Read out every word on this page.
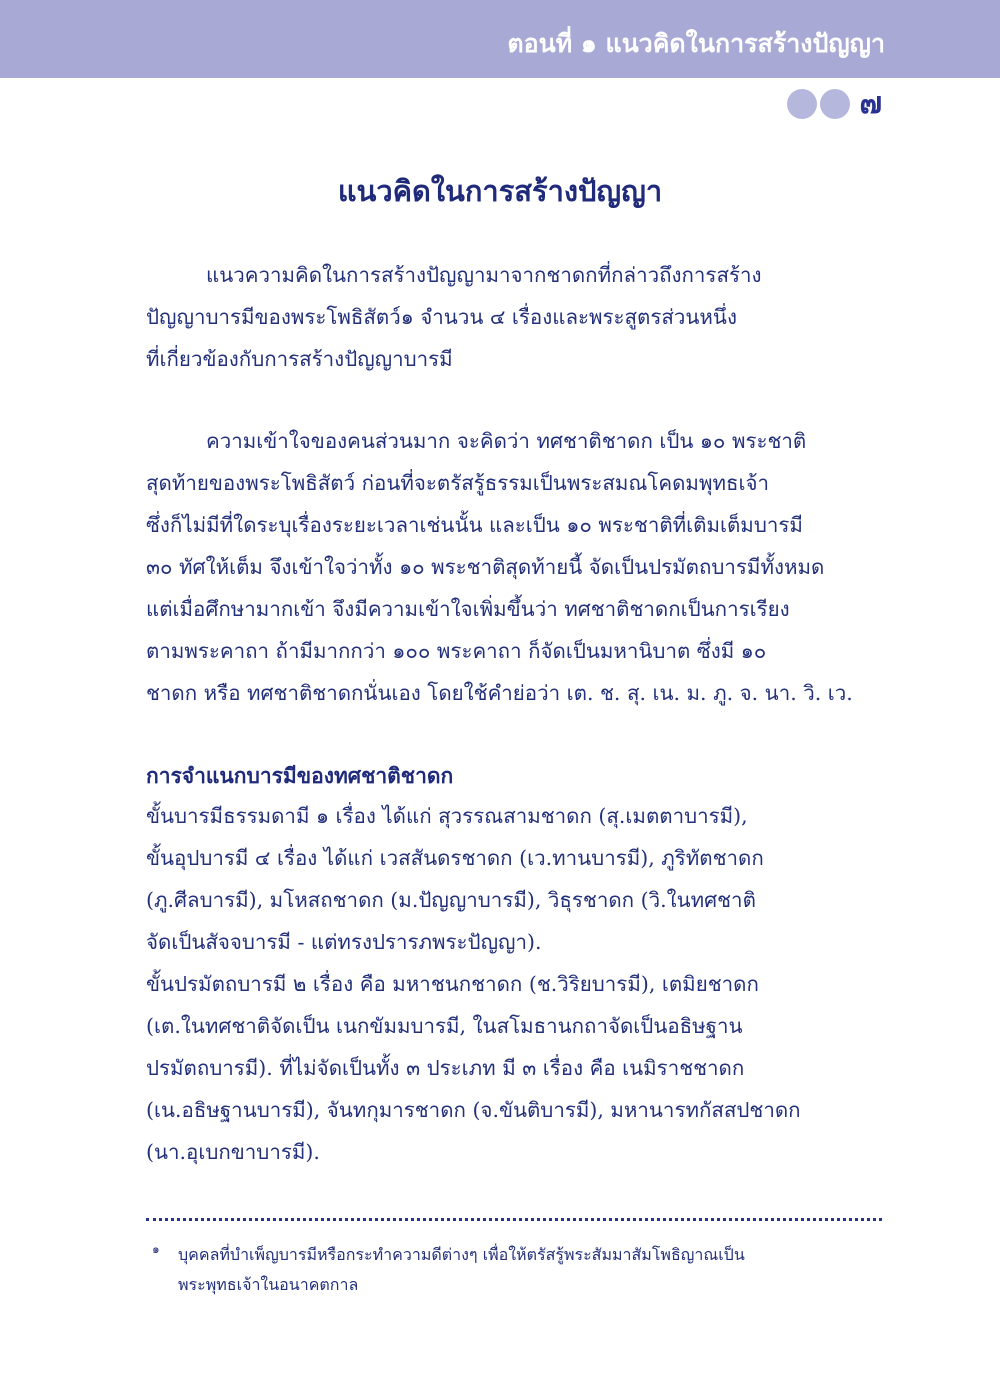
ตอนที่ ๑ แนวคิดในการสร้างปัญญา
๗
แนวคิดในการสร้างปัญญา
แนวความคิดในการสร้างปัญญามาจากชาดกที่กล่าวถึงการสร้าง
ปัญญาบารมีของพระโพธิสัตว์๑ จำนวน ๔ เรื่องและพระสูตรส่วนหนึ่ง
ที่เกี่ยวข้องกับการสร้างปัญญาบารมี
ความเข้าใจของคนส่วนมาก จะคิดว่า ทศชาติชาดก เป็น ๑๐ พระชาติ
สุดท้ายของพระโพธิสัตว์ ก่อนที่จะตรัสรู้ธรรมเป็นพระสมณโคดมพุทธเจ้า
ซึ่งก็ไม่มีที่ใดระบุเรื่องระยะเวลาเช่นนั้น และเป็น ๑๐ พระชาติที่เติมเต็มบารมี
๓๐ ทัศให้เต็ม จึงเข้าใจว่าทั้ง ๑๐ พระชาติสุดท้ายนี้ จัดเป็นปรมัตถบารมีทั้งหมด
แต่เมื่อศึกษามากเข้า จึงมีความเข้าใจเพิ่มขึ้นว่า ทศชาติชาดกเป็นการเรียง
ตามพระคาถา ถ้ามีมากกว่า ๑๐๐ พระคาถา ก็จัดเป็นมหานิบาต ซึ่งมี ๑๐
ชาดก หรือ ทศชาติชาดกนั่นเอง โดยใช้คำย่อว่า เต. ช. สุ. เน. ม. ภู. จ. นา. วิ. เว.
การจำแนกบารมีของทศชาติชาดก
ขั้นบารมีธรรมดามี ๑ เรื่อง ได้แก่ สุวรรณสามชาดก (สุ.เมตตาบารมี),
ขั้นอุปบารมี ๔ เรื่อง ได้แก่ เวสสันดรชาดก (เว.ทานบารมี), ภูริทัตชาดก
(ภู.ศีลบารมี), มโหสถชาดก (ม.ปัญญาบารมี), วิธุรชาดก (วิ.ในทศชาติ
จัดเป็นสัจจบารมี - แต่ทรงปรารภพระปัญญา).
ขั้นปรมัตถบารมี ๒ เรื่อง คือ มหาชนกชาดก (ช.วิริยบารมี), เตมิยชาดก
(เต.ในทศชาติจัดเป็น เนกขัมมบารมี, ในสโมธานกถาจัดเป็นอธิษฐาน
ปรมัตถบารมี). ที่ไม่จัดเป็นทั้ง ๓ ประเภท มี ๓ เรื่อง คือ เนมิราชชาดก
(เน.อธิษฐานบารมี), จันทกุมารชาดก (จ.ขันติบารมี), มหานารทกัสสปชาดก
(นา.อุเบกขาบารมี).
๑	บุคคลที่บำเพ็ญบารมีหรือกระทำความดีต่างๆ เพื่อให้ตรัสรู้พระสัมมาสัมโพธิญาณเป็น
พระพุทธเจ้าในอนาคตกาล
